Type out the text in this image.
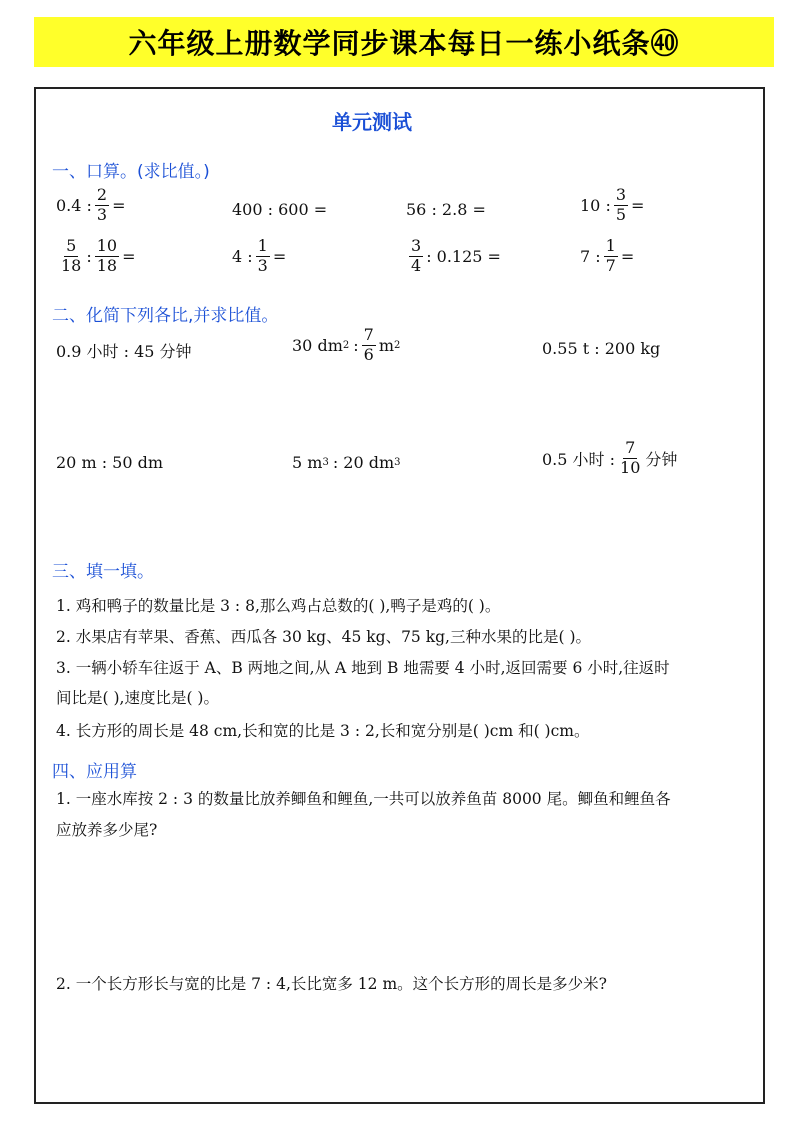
六年级上册数学同步课本每日一练小纸条㊵
单元测试
一、口算。(求比值。)
0.4 : $\frac{2}{3}$ =	400 : 600 =	56 : 2.8 =	10 : $\frac{3}{5}$ =
$\frac{5}{18}$ : $\frac{10}{18}$ =	4 : $\frac{1}{3}$ =	$\frac{3}{4}$ : 0.125 =	7 : $\frac{1}{7}$ =
二、化简下列各比,并求比值。
0.9 小时 : 45 分钟	30 dm 2 : $\frac{7}{6}$ m 2	0.55 t : 200 kg
20 m : 50 dm	5 m 3 : 20 dm 3	0.5 小时 : $\frac{7}{10}$ 分钟
三、填一填。
1. 鸡和鸭子的数量比是 3 : 8,那么鸡占总数的( ),鸭子是鸡的( )。
2. 水果店有苹果、香蕉、西瓜各 30 kg、45 kg、75 kg,三种水果的比是( )。
3. 一辆小轿车往返于 A、B 两地之间,从 A 地到 B 地需要 4 小时,返回需要 6 小时,往返时
间比是( ),速度比是( )。
4. 长方形的周长是 48 cm,长和宽的比是 3 : 2,长和宽分别是( )cm 和( )cm。
四、应用算
1. 一座水库按 2 : 3 的数量比放养鲫鱼和鲤鱼,一共可以放养鱼苗 8000 尾。鲫鱼和鲤鱼各
应放养多少尾?
2. 一个长方形长与宽的比是 7 : 4,长比宽多 12 m。这个长方形的周长是多少米?
